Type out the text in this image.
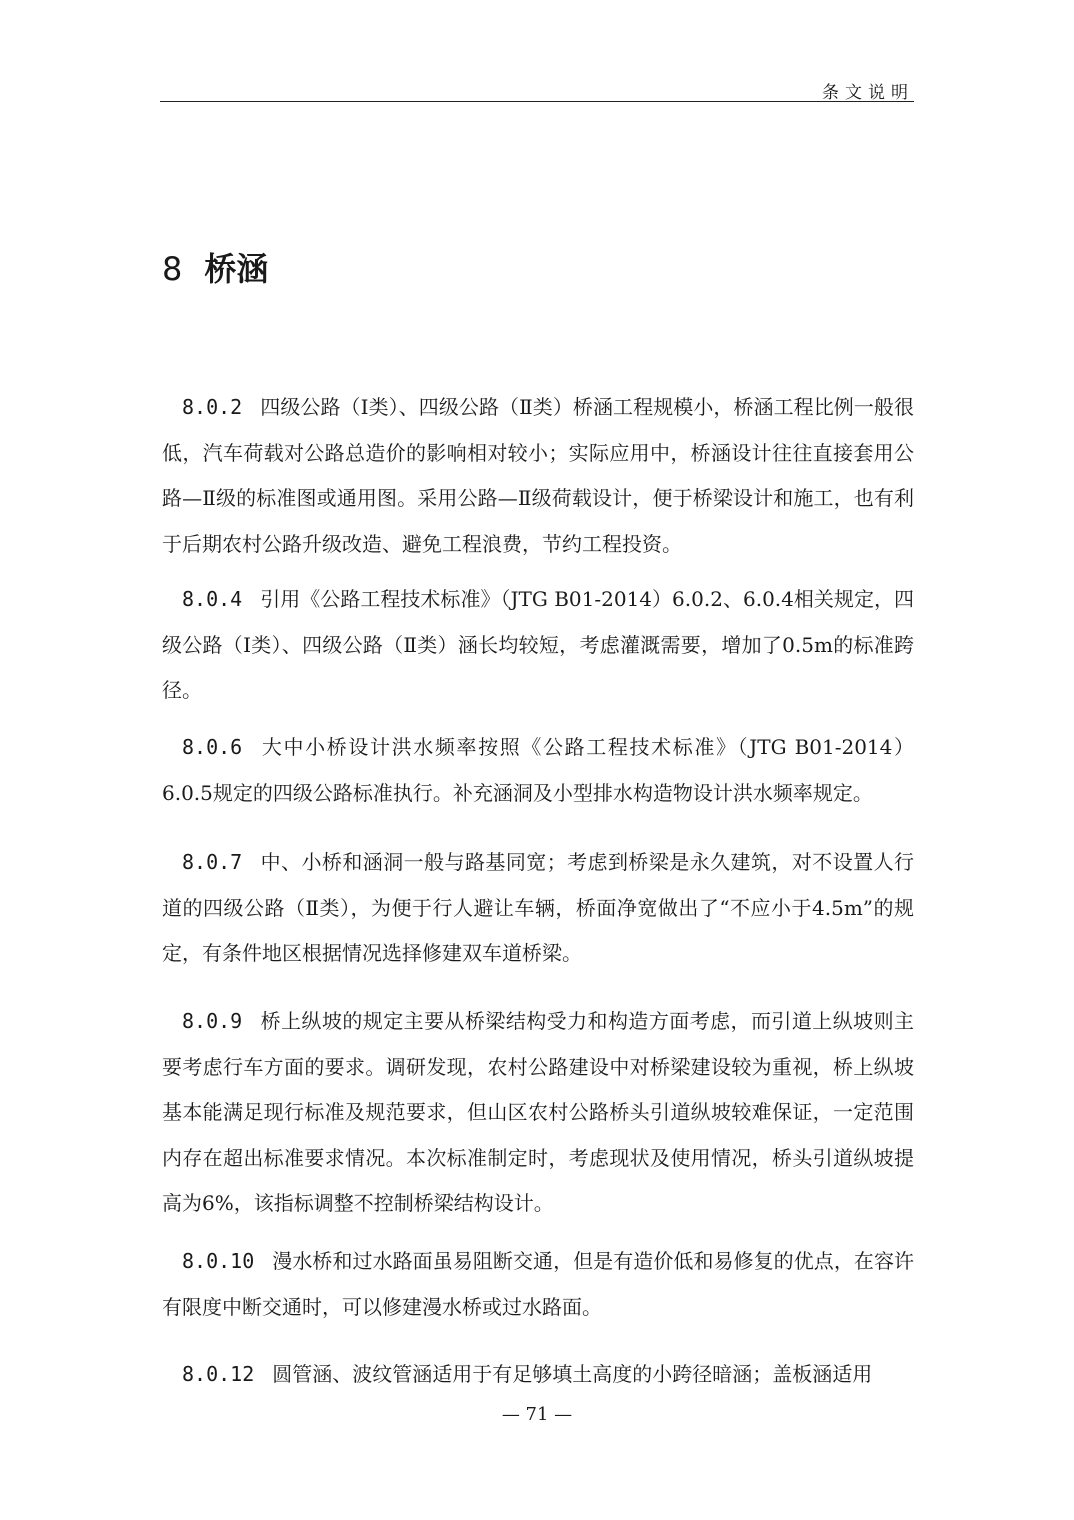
条文说明
8 桥涵
8.0.2 四级公路（Ⅰ类）、四级公路（Ⅱ类）桥涵工程规模小，桥涵工程比例一般很低，汽车荷载对公路总造价的影响相对较小；实际应用中，桥涵设计往往直接套用公路—Ⅱ级的标准图或通用图。采用公路—Ⅱ级荷载设计，便于桥梁设计和施工，也有利于后期农村公路升级改造、避免工程浪费，节约工程投资。
8.0.4 引用《公路工程技术标准》（JTG B01-2014）6.0.2、6.0.4相关规定，四级公路（Ⅰ类）、四级公路（Ⅱ类）涵长均较短，考虑灌溉需要，增加了0.5m的标准跨径。
8.0.6 大中小桥设计洪水频率按照《公路工程技术标准》（JTG B01-2014）6.0.5规定的四级公路标准执行。补充涵洞及小型排水构造物设计洪水频率规定。
8.0.7 中、小桥和涵洞一般与路基同宽；考虑到桥梁是永久建筑，对不设置人行道的四级公路（Ⅱ类），为便于行人避让车辆，桥面净宽做出了“不应小于4.5m”的规定，有条件地区根据情况选择修建双车道桥梁。
8.0.9 桥上纵坡的规定主要从桥梁结构受力和构造方面考虑，而引道上纵坡则主要考虑行车方面的要求。调研发现，农村公路建设中对桥梁建设较为重视，桥上纵坡基本能满足现行标准及规范要求，但山区农村公路桥头引道纵坡较难保证，一定范围内存在超出标准要求情况。本次标准制定时，考虑现状及使用情况，桥头引道纵坡提高为6%，该指标调整不控制桥梁结构设计。
8.0.10 漫水桥和过水路面虽易阻断交通，但是有造价低和易修复的优点，在容许有限度中断交通时，可以修建漫水桥或过水路面。
8.0.12 圆管涵、波纹管涵适用于有足够填土高度的小跨径暗涵；盖板涵适用
— 71 —
